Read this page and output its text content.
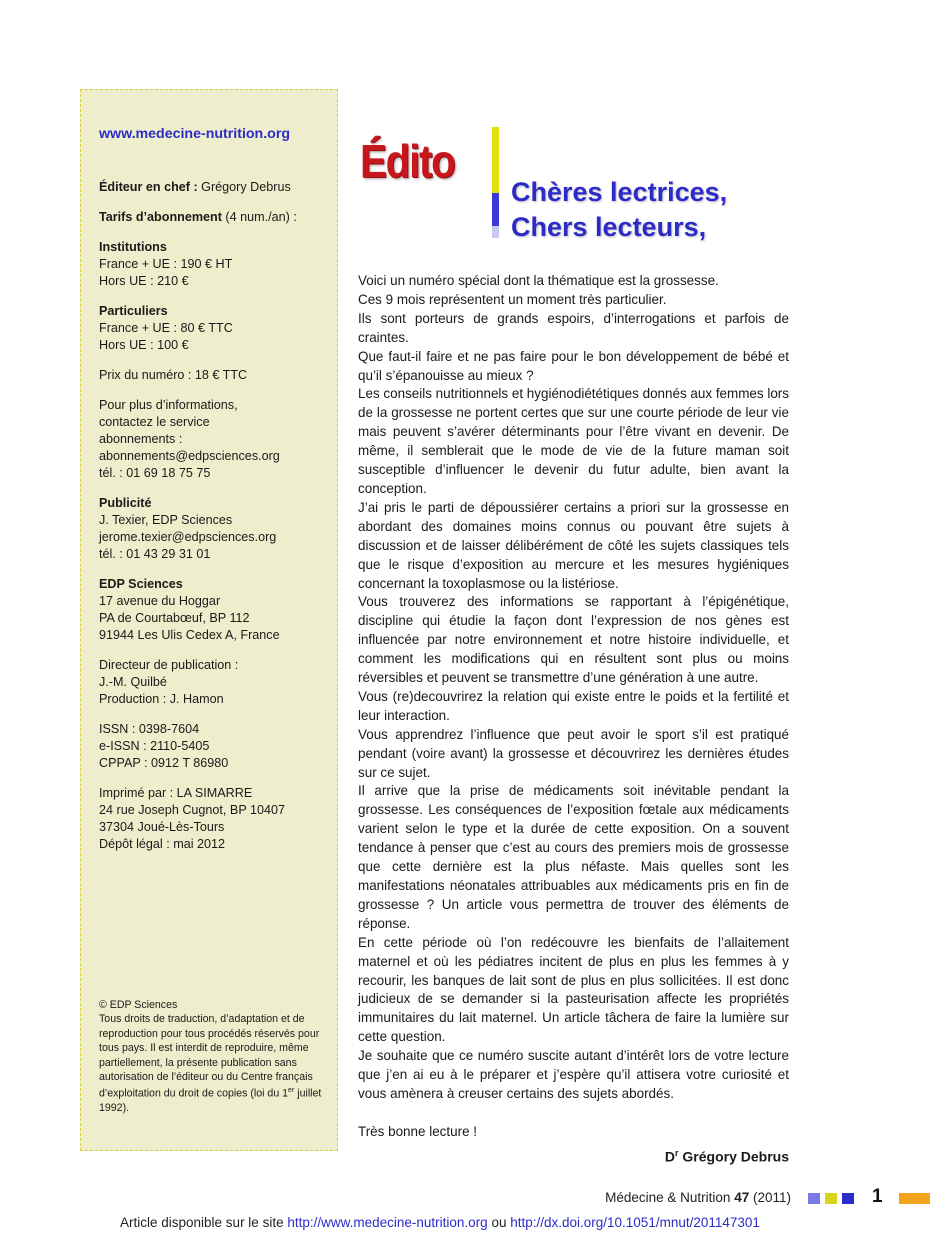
www.medecine-nutrition.org

Éditeur en chef : Grégory Debrus

Tarifs d’abonnement (4 num./an) :

Institutions
France + UE : 190 € HT
Hors UE : 210 €

Particuliers
France + UE : 80 € TTC
Hors UE : 100 €

Prix du numéro : 18 € TTC

Pour plus d’informations,
contactez le service
abonnements :
abonnements@edpsciences.org
tél. : 01 69 18 75 75

Publicité
J. Texier, EDP Sciences
jerome.texier@edpsciences.org
tél. : 01 43 29 31 01

EDP Sciences
17 avenue du Hoggar
PA de Courtabœuf, BP 112
91944 Les Ulis Cedex A, France

Directeur de publication :
J.-M. Quilbé
Production : J. Hamon

ISSN : 0398-7604
e-ISSN : 2110-5405
CPPAP : 0912 T 86980

Imprimé par : LA SIMARRE
24 rue Joseph Cugnot, BP 10407
37304 Joué-Lès-Tours
Dépôt légal : mai 2012

© EDP Sciences
Tous droits de traduction, d’adaptation et de reproduction pour tous procédés réservés pour tous pays. Il est interdit de reproduire, même partiellement, la présente publication sans autorisation de l’éditeur ou du Centre français d’exploitation du droit de copies (loi du 1er juillet 1992).
Édito
Chères lectrices,
Chers lecteurs,

Voici un numéro spécial dont la thématique est la grossesse.

Ces 9 mois représentent un moment très particulier.

Ils sont porteurs de grands espoirs, d’interrogations et parfois de craintes.

Que faut-il faire et ne pas faire pour le bon développement de bébé et qu’il s’épanouisse au mieux ?

Les conseils nutritionnels et hygiénodiététiques donnés aux femmes lors de la grossesse ne portent certes que sur une courte période de leur vie mais peuvent s’avérer déterminants pour l’être vivant en devenir. De même, il semblerait que le mode de vie de la future maman soit susceptible d’influencer le devenir du futur adulte, bien avant la conception.

J’ai pris le parti de dépoussiérer certains a priori sur la grossesse en abordant des domaines moins connus ou pouvant être sujets à discussion et de laisser délibérément de côté les sujets classiques tels que le risque d’exposition au mercure et les mesures hygiéniques concernant la toxoplasmose ou la listériose.

Vous trouverez des informations se rapportant à l’épigénétique, discipline qui étudie la façon dont l’expression de nos gènes est influencée par notre environnement et notre histoire individuelle, et comment les modifications qui en résultent sont plus ou moins réversibles et peuvent se transmettre d’une génération à une autre.

Vous (re)decouvrirez la relation qui existe entre le poids et la fertilité et leur interaction.

Vous apprendrez l’influence que peut avoir le sport s’il est pratiqué pendant (voire avant) la grossesse et découvrirez les dernières études sur ce sujet.

Il arrive que la prise de médicaments soit inévitable pendant la grossesse. Les conséquences de l’exposition fœtale aux médicaments varient selon le type et la durée de cette exposition. On a souvent tendance à penser que c’est au cours des premiers mois de grossesse que cette dernière est la plus néfaste. Mais quelles sont les manifestations néonatales attribuables aux médicaments pris en fin de grossesse ? Un article vous permettra de trouver des éléments de réponse.

En cette période où l’on redécouvre les bienfaits de l’allaitement maternel et où les pédiatres incitent de plus en plus les femmes à y recourir, les banques de lait sont de plus en plus sollicitées. Il est donc judicieux de se demander si la pasteurisation affecte les propriétés immunitaires du lait maternel. Un article tâchera de faire la lumière sur cette question.

Je souhaite que ce numéro suscite autant d’intérêt lors de votre lecture que j’en ai eu à le préparer et j’espère qu’il attisera votre curiosité et vous amènera à creuser certains des sujets abordés.

Très bonne lecture !

$D^r$ Grégory Debrus

Médecine & Nutrition 47 (2011)	1
Article disponible sur le site http://www.medecine-nutrition.org ou http://dx.doi.org/10.1051/mnut/201147301
